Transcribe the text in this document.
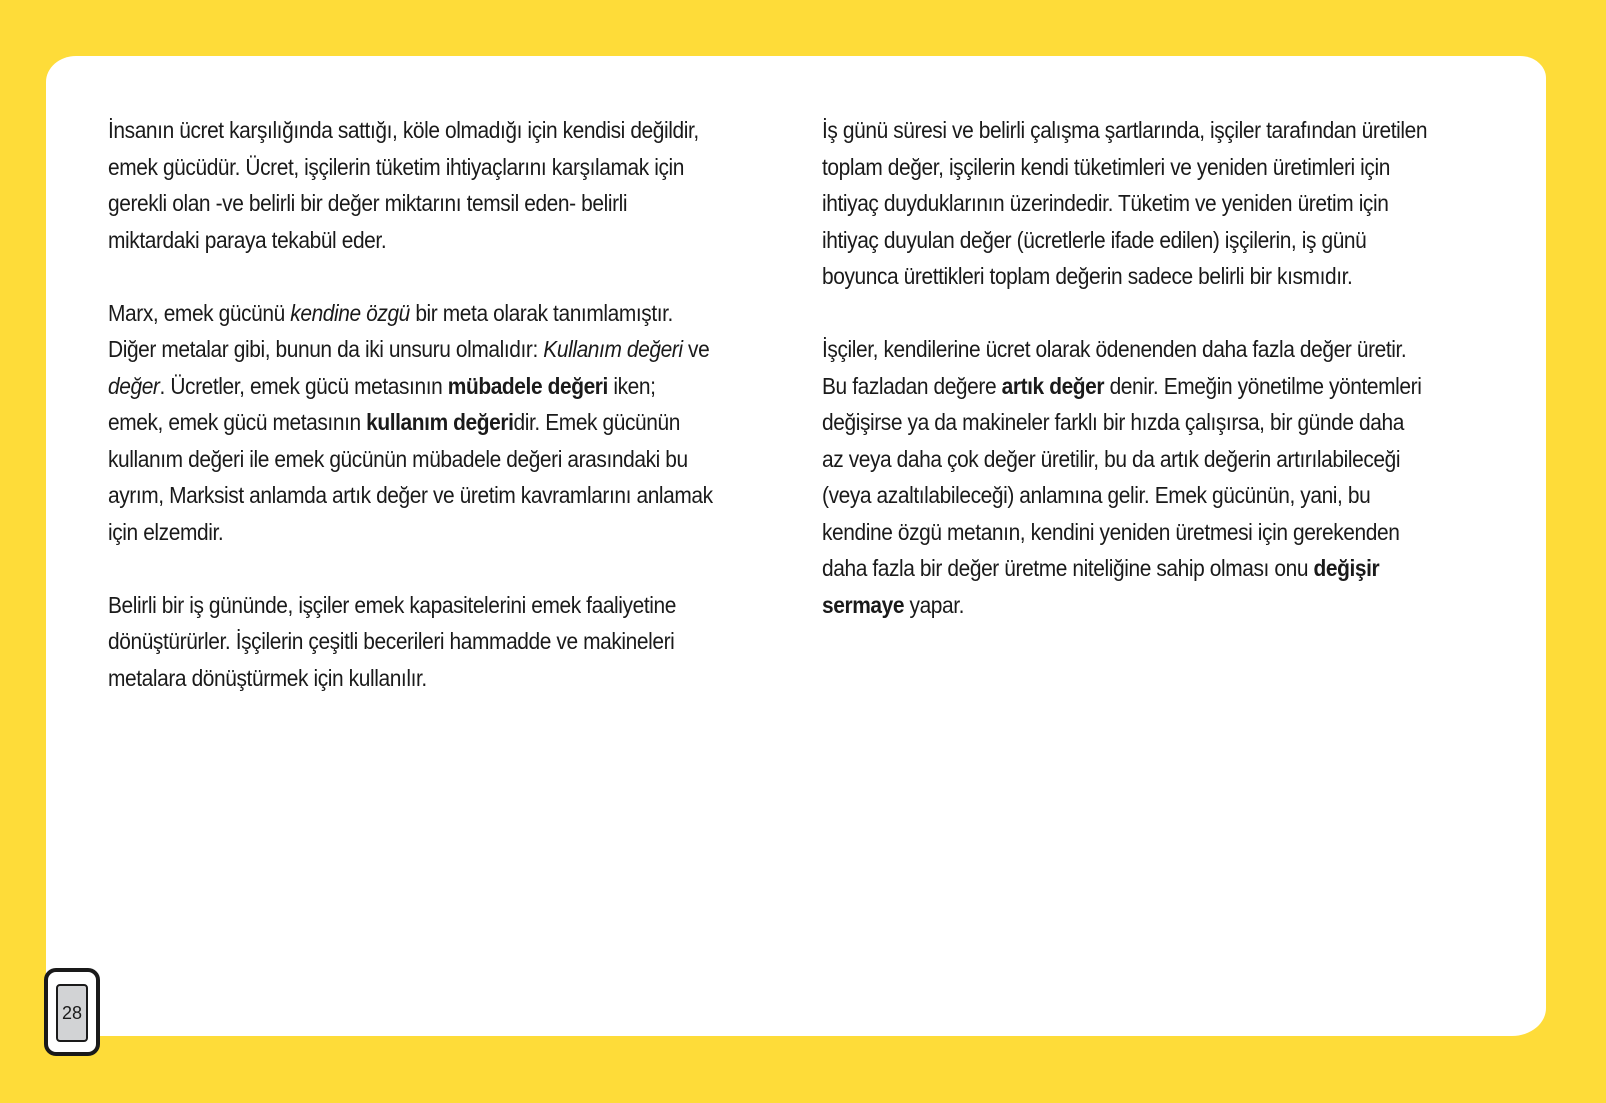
İnsanın ücret karşılığında sattığı, köle olmadığı için kendisi değildir, emek gücüdür. Ücret, işçilerin tüketim ihtiyaçlarını karşılamak için gerekli olan -ve belirli bir değer miktarını temsil eden- belirli miktardaki paraya tekabül eder.

Marx, emek gücünü kendine özgü bir meta olarak tanımlamıştır. Diğer metalar gibi, bunun da iki unsuru olmalıdır: Kullanım değeri ve değer. Ücretler, emek gücü metasının mübadele değeri iken; emek, emek gücü metasının kullanım değeridir. Emek gücünün kullanım değeri ile emek gücünün mübadele değeri arasındaki bu ayrım, Marksist anlamda artık değer ve üretim kavramlarını anlamak için elzemdir.

Belirli bir iş gününde, işçiler emek kapasitelerini emek faaliyetine dönüştürürler. İşçilerin çeşitli becerileri hammadde ve makineleri metalara dönüştürmek için kullanılır.

İş günü süresi ve belirli çalışma şartlarında, işçiler tarafından üretilen toplam değer, işçilerin kendi tüketimleri ve yeniden üretimleri için ihtiyaç duyduklarının üzerindedir. Tüketim ve yeniden üretim için ihtiyaç duyulan değer (ücretlerle ifade edilen) işçilerin, iş günü boyunca ürettikleri toplam değerin sadece belirli bir kısmıdır.

İşçiler, kendilerine ücret olarak ödenenden daha fazla değer üretir. Bu fazladan değere artık değer denir. Emeğin yönetilme yöntemleri değişirse ya da makineler farklı bir hızda çalışırsa, bir günde daha az veya daha çok değer üretilir, bu da artık değerin artırılabileceği (veya azaltılabileceği) anlamına gelir. Emek gücünün, yani, bu kendine özgü metanın, kendini yeniden üretmesi için gerekenden daha fazla bir değer üretme niteliğine sahip olması onu değişir sermaye yapar.

28
